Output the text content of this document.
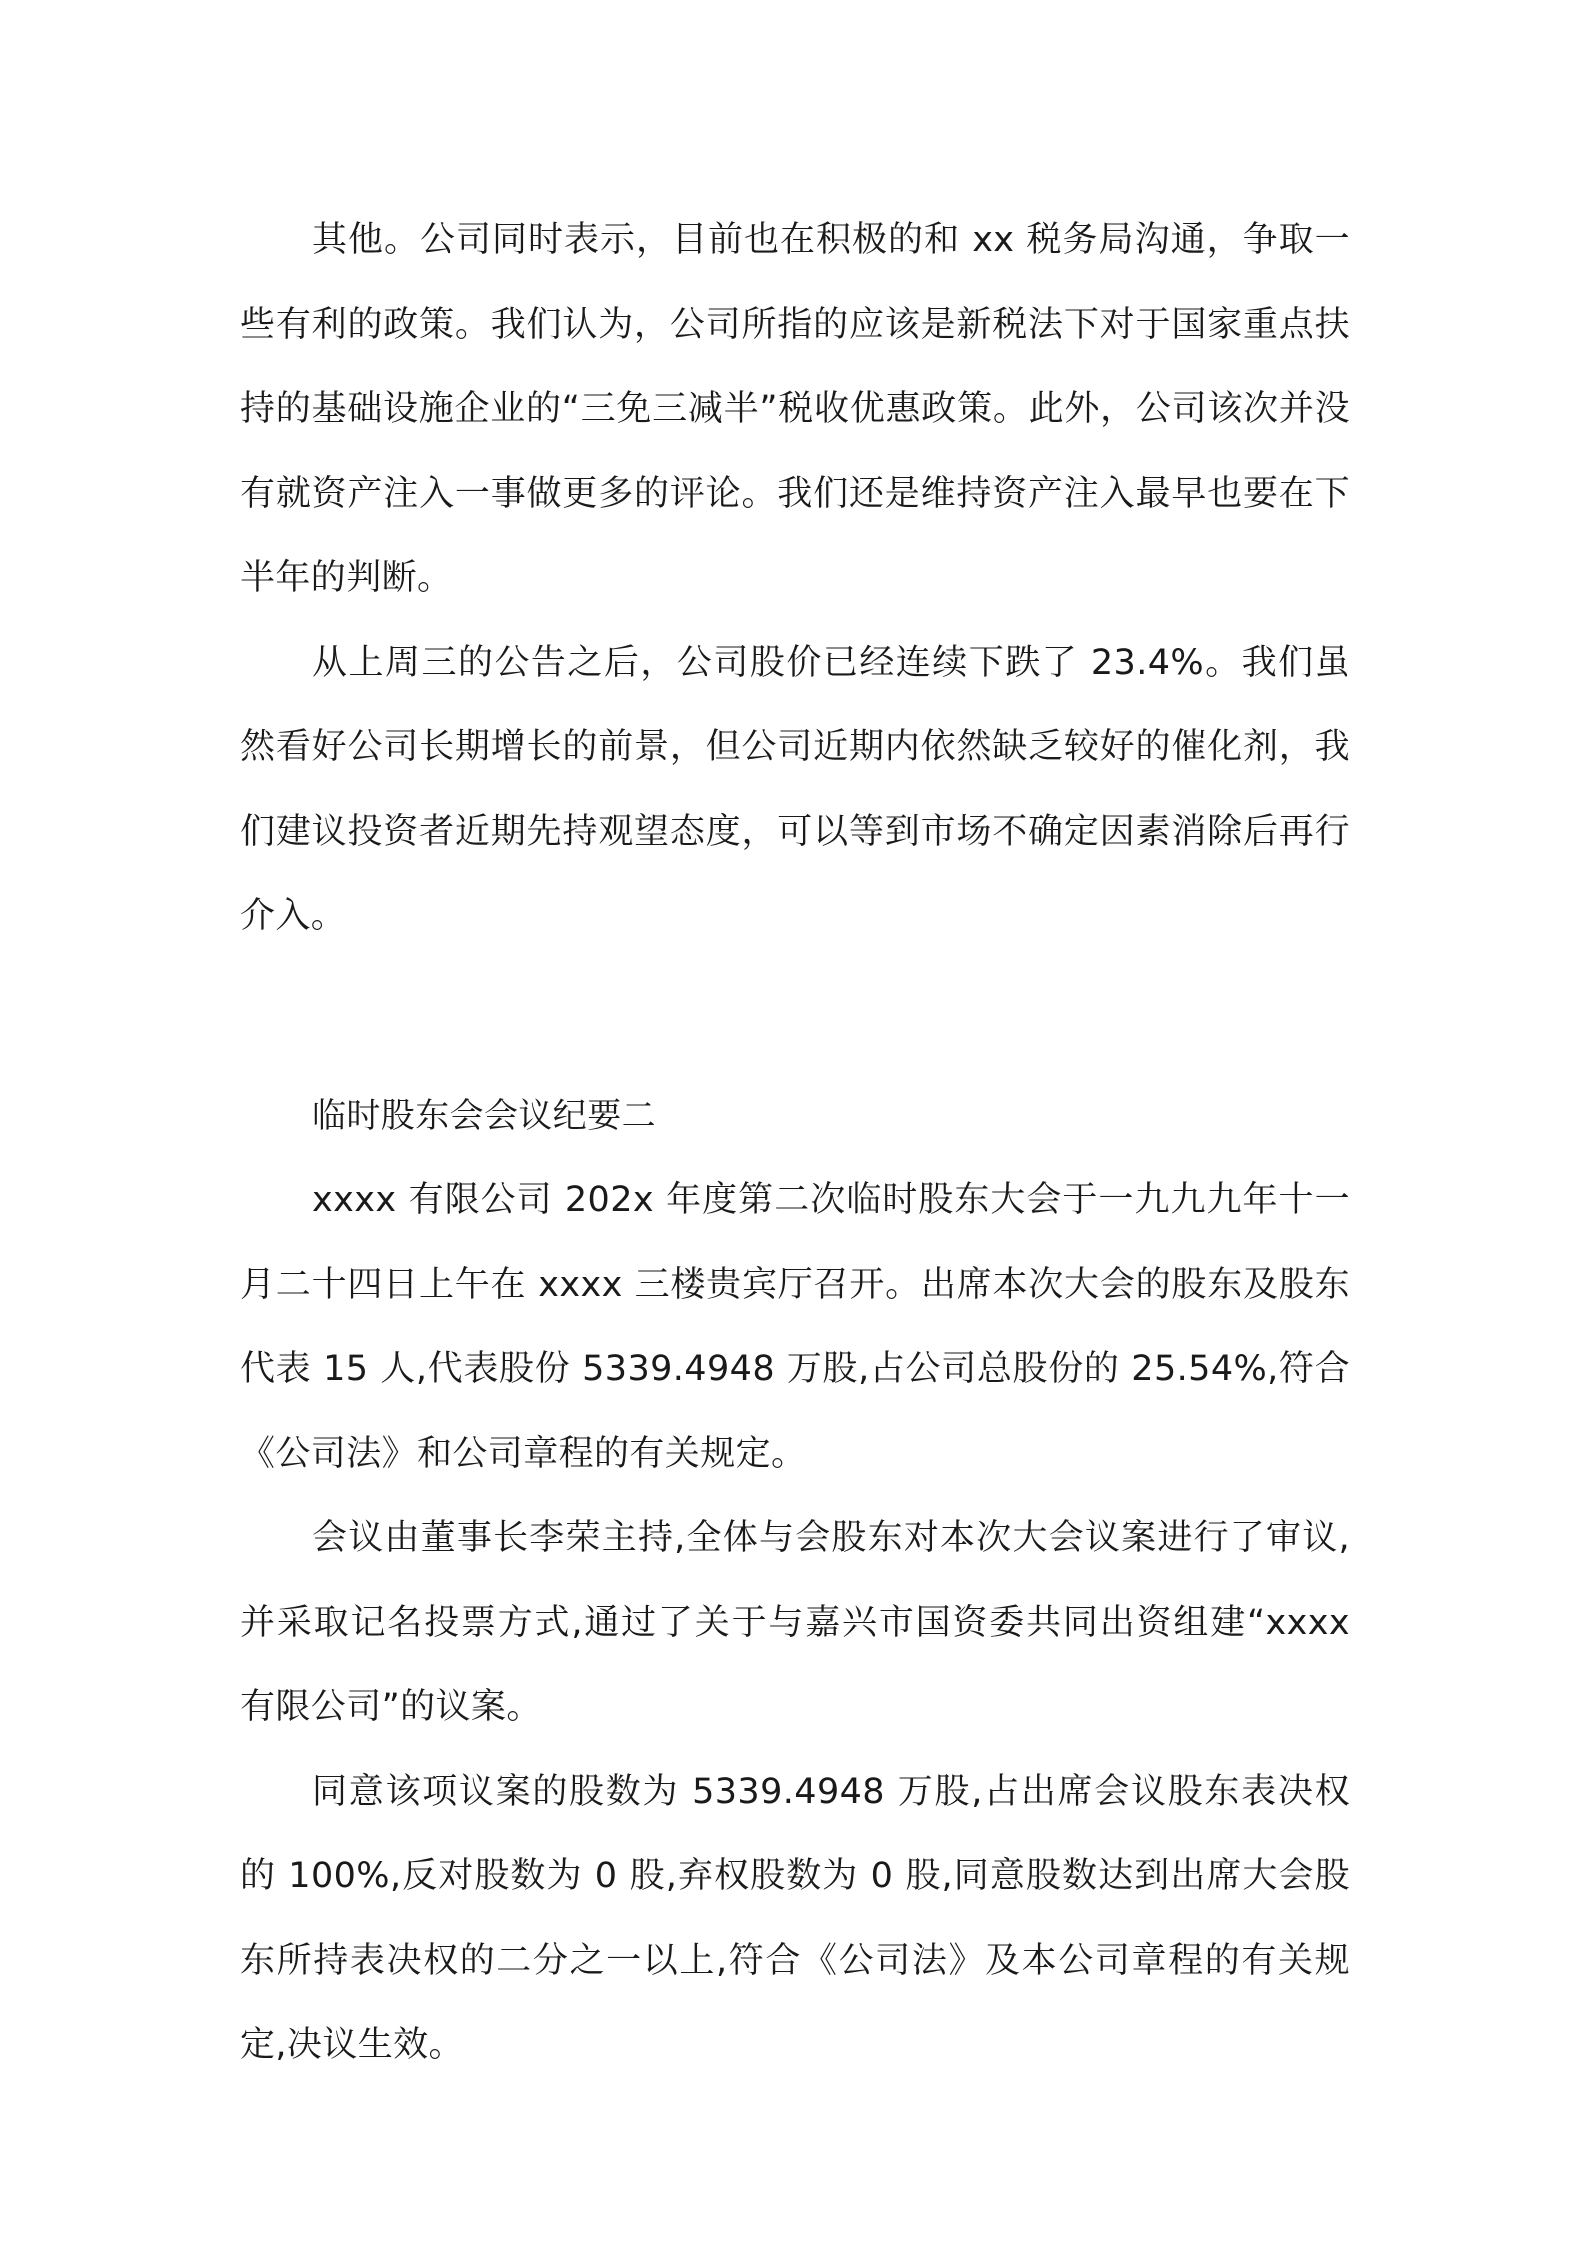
其他。公司同时表示，目前也在积极的和 xx 税务局沟通，争取一些有利的政策。我们认为，公司所指的应该是新税法下对于国家重点扶持的基础设施企业的“三免三减半”税收优惠政策。此外，公司该次并没有就资产注入一事做更多的评论。我们还是维持资产注入最早也要在下半年的判断。

从上周三的公告之后，公司股价已经连续下跌了 23.4%。我们虽然看好公司长期增长的前景，但公司近期内依然缺乏较好的催化剂，我们建议投资者近期先持观望态度，可以等到市场不确定因素消除后再行介入。

临时股东会会议纪要二

xxxx 有限公司 202x 年度第二次临时股东大会于一九九九年十一月二十四日上午在 xxxx 三楼贵宾厅召开。出席本次大会的股东及股东代表 15 人,代表股份 5339.4948 万股,占公司总股份的 25.54%,符合《公司法》和公司章程的有关规定。

会议由董事长李荣主持,全体与会股东对本次大会议案进行了审议,并采取记名投票方式,通过了关于与嘉兴市国资委共同出资组建“xxxx 有限公司”的议案。

同意该项议案的股数为 5339.4948 万股,占出席会议股东表决权的 100%,反对股数为 0 股,弃权股数为 0 股,同意股数达到出席大会股东所持表决权的二分之一以上,符合《公司法》及本公司章程的有关规定,决议生效。
